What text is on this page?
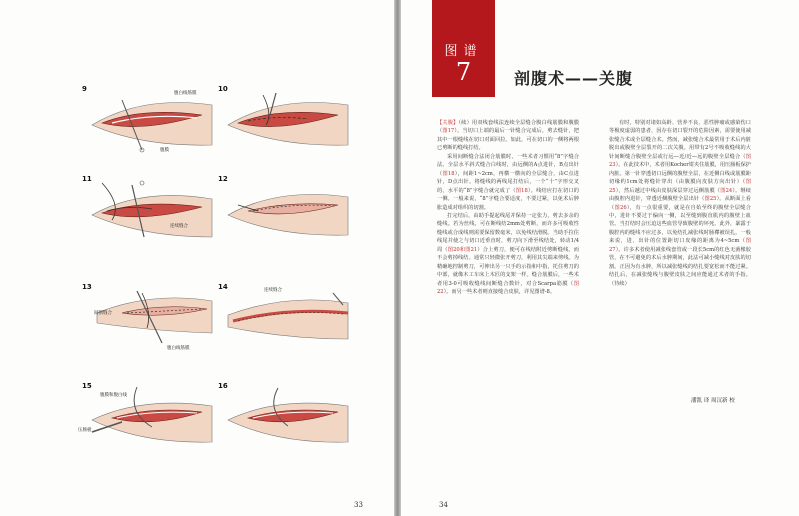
9
腹白线筋膜
腹膜
10
11
连续缝合
12
13
间断缝合
腹白线筋膜
14	连续缝合
15
腹膜和腹白线
压肠板
16
33
图谱
7	剖腹术——关腹

【关腹】（续）用双线套线法连续全层缝合腹白线筋膜和腹膜（图17）。当切口上端的最后一针缝合完成后，剪去缝针，把其中一根缝线在切口对面回拉。如此，可在切口的一侧将两根已剪断的缝线打结。

采用间断缝合法闭合筋膜时，一些术者习惯用“8”字缝合法。全层水平斜式缝合白线时，由远侧的A点进针，B点出针（图18），间距1~2cm，再横一横向的全层缝合，由C点进针，D点出针。将缝线的两线尾打结后，一个“十”字形交叉的，水平的“8”字缝合就完成了（图18）。线结应打在切口的一侧。一般来说，“8”字缝合要适度，不要过紧，以免术后肿胀造成对组织的切割。

打完结后，由助手提起线尾并保持一定张力，剪去多余的缝线。若为丝线，可在断线结2mm处剪断，而许多可吸收性缝线或合成线则需要保留数毫米，以免线结滑脱。当助手拉住线尾并使之与切口近垂直时，剪刀向下滑至线结处，转动1/4周（图20和图21）合上剪刀，便可在线结附近剪断缝线，而不会剪掉线结。通常只轻微张开剪刀，利用其尖端来剪线。为精确地控制剪刀，可伸出另一只手的示指和中指，托住剪刀的中部，就像木工车床上木匠的支架一样。缝合筋膜后，一些术者用3-0可吸收缝线间断缝合数针，对合Scarpa筋膜（图22）。而另一些术者则直接缝合皮肤，详见图谱-8。

有时，特别对诸如高龄、营养不良、恶性肿瘤或感染伤口等极度虚弱的患者，因存在切口裂开的危险因素，需要使用减张缝合术或全层缝合术。然而，减张缝合术最常用于术后内脏脱出或腹壁全层裂开的二次关腹。用带有2号不吸收缝线的大针间断缝合腹壁全层或行远—近/近—远的腹壁全层缝合（图23）。在此技术中，术者用Kocher钳夹住筋膜，用压肠板保护内脏。第一针穿透切口远侧的腹壁全层，在近侧白线或筋膜距切缘约1cm处将缝针穿出（由腹膜向皮肤方向出针）（图25），然后越过中线由皮肤深层穿过远侧筋膜（图24）。继续由腹腔内进针，穿透近侧腹壁全层出针（图25）。从断面上看（图26），有一点很重要，就是在自始至终的腹壁全层缝合中，进针不要过于偏向一侧，以至缝到腹直肌内的腹壁上血管。当打结时会压迫这些血管导致腹壁的坏死。此外，暴露于腹腔内的缝线不应过多，以免结扎减张线时肠襻被误扎。一般来说，进、出针的位置距切口皮缘的距离为4~5cm（图27）。许多术者使用减张线套管或一段长5cm的红色无菌橡胶管，在不可避免的术后水肿期间，此法可减小缝线对皮肤的切割。正因为有水肿，所以减张缝线的结扎要宽松而不能过紧。结扎后，在减张缝线与腹壁皮肤之间应能通过术者的手指。（待续）

潘凯 译 周汉新 校
34
